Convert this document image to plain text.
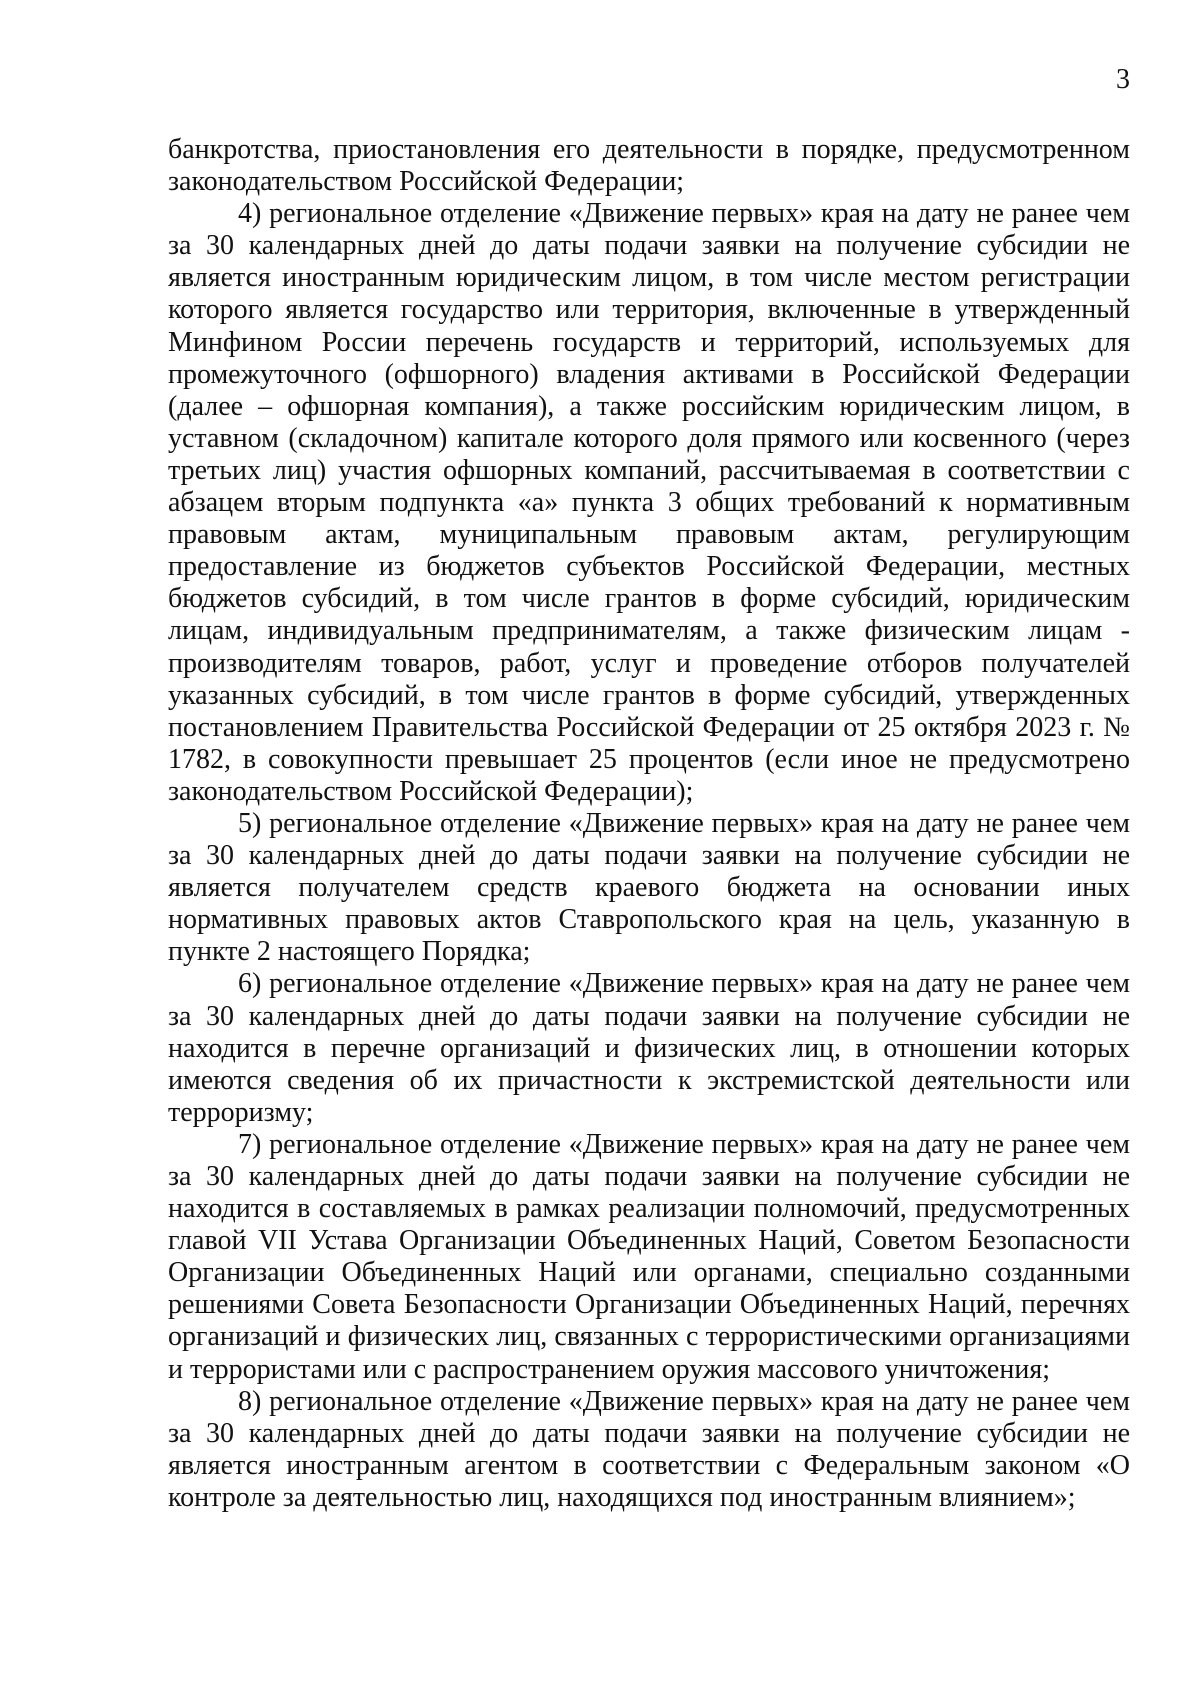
3

банкротства, приостановления его деятельности в порядке, предусмотренном законодательством Российской Федерации;

4) региональное отделение «Движение первых» края на дату не ранее чем за 30 календарных дней до даты подачи заявки на получение субсидии не является иностранным юридическим лицом, в том числе местом регистрации которого является государство или территория, включенные в утвержденный Минфином России перечень государств и территорий, используемых для промежуточного (офшорного) владения активами в Российской Федерации (далее – офшорная компания), а также российским юридическим лицом, в уставном (складочном) капитале которого доля прямого или косвенного (через третьих лиц) участия офшорных компаний, рассчитываемая в соответствии с абзацем вторым подпункта «а» пункта 3 общих требований к нормативным правовым актам, муниципальным правовым актам, регулирующим предоставление из бюджетов субъектов Российской Федерации, местных бюджетов субсидий, в том числе грантов в форме субсидий, юридическим лицам, индивидуальным предпринимателям, а также физическим лицам - производителям товаров, работ, услуг и проведение отборов получателей указанных субсидий, в том числе грантов в форме субсидий, утвержденных постановлением Правительства Российской Федерации от 25 октября 2023 г. № 1782, в совокупности превышает 25 процентов (если иное не предусмотрено законодательством Российской Федерации);

5) региональное отделение «Движение первых» края на дату не ранее чем за 30 календарных дней до даты подачи заявки на получение субсидии не является получателем средств краевого бюджета на основании иных нормативных правовых актов Ставропольского края на цель, указанную в пункте 2 настоящего Порядка;

6) региональное отделение «Движение первых» края на дату не ранее чем за 30 календарных дней до даты подачи заявки на получение субсидии не находится в перечне организаций и физических лиц, в отношении которых имеются сведения об их причастности к экстремистской деятельности или терроризму;

7) региональное отделение «Движение первых» края на дату не ранее чем за 30 календарных дней до даты подачи заявки на получение субсидии не находится в составляемых в рамках реализации полномочий, предусмотренных главой VII Устава Организации Объединенных Наций, Советом Безопасности Организации Объединенных Наций или органами, специально созданными решениями Совета Безопасности Организации Объединенных Наций, перечнях организаций и физических лиц, связанных с террористическими организациями и террористами или с распространением оружия массового уничтожения;

8) региональное отделение «Движение первых» края на дату не ранее чем за 30 календарных дней до даты подачи заявки на получение субсидии не является иностранным агентом в соответствии с Федеральным законом «О контроле за деятельностью лиц, находящихся под иностранным влиянием»;
